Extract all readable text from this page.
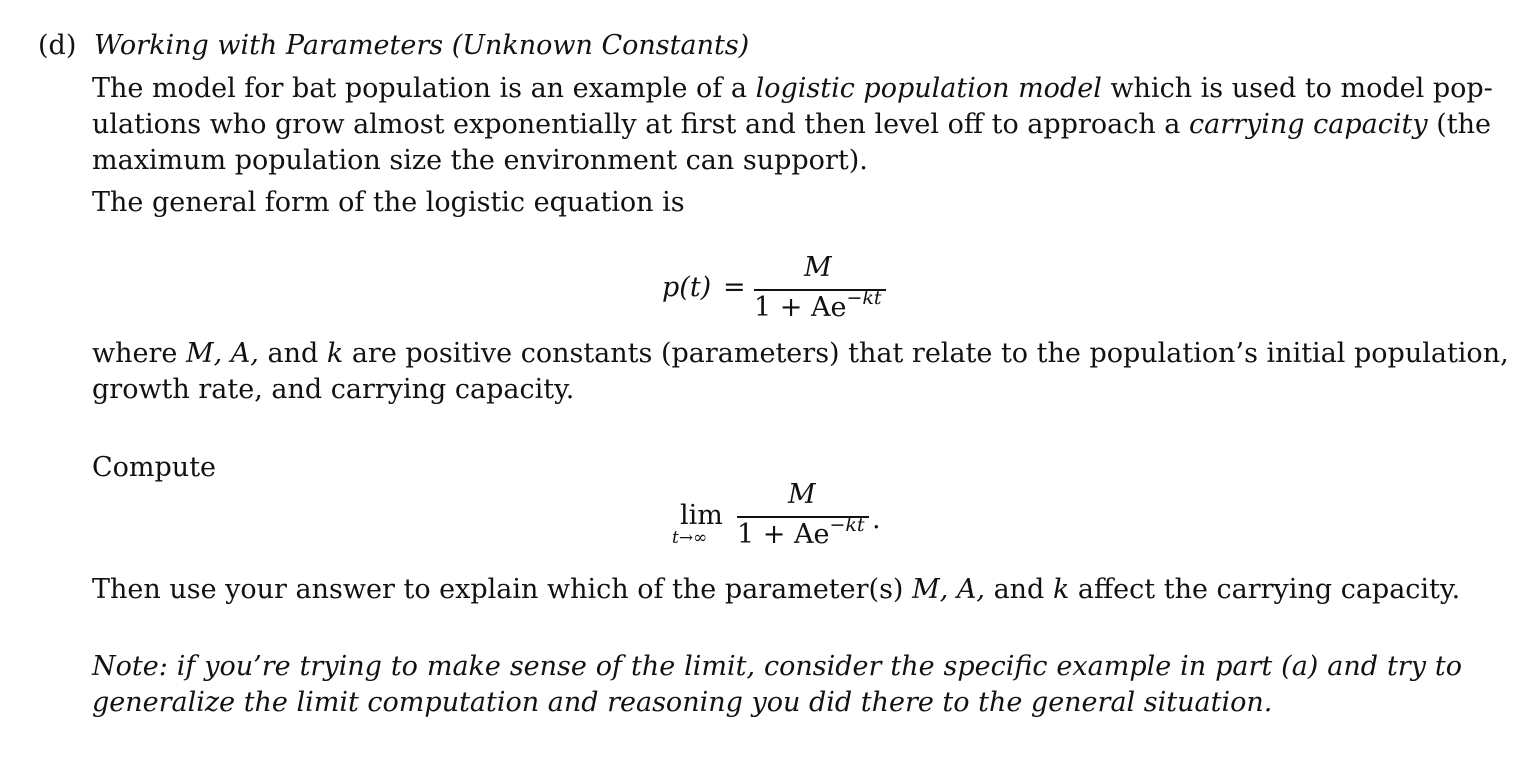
(d) Working with Parameters (Unknown Constants)
The model for bat population is an example of a logistic population model which is used to model pop-
ulations who grow almost exponentially at first and then level off to approach a carrying capacity (the
maximum population size the environment can support).
The general form of the logistic equation is
p(t) =
M
$1 + Ae^{-kt}$
where M, A, and k are positive constants (parameters) that relate to the population’s initial population,
growth rate, and carrying capacity.
Compute
lim
t→∞
M
$1 + Ae^{-kt}$ .
Then use your answer to explain which of the parameter(s) M, A, and k affect the carrying capacity.
Note: if you’re trying to make sense of the limit, consider the specific example in part (a) and try to
generalize the limit computation and reasoning you did there to the general situation.
